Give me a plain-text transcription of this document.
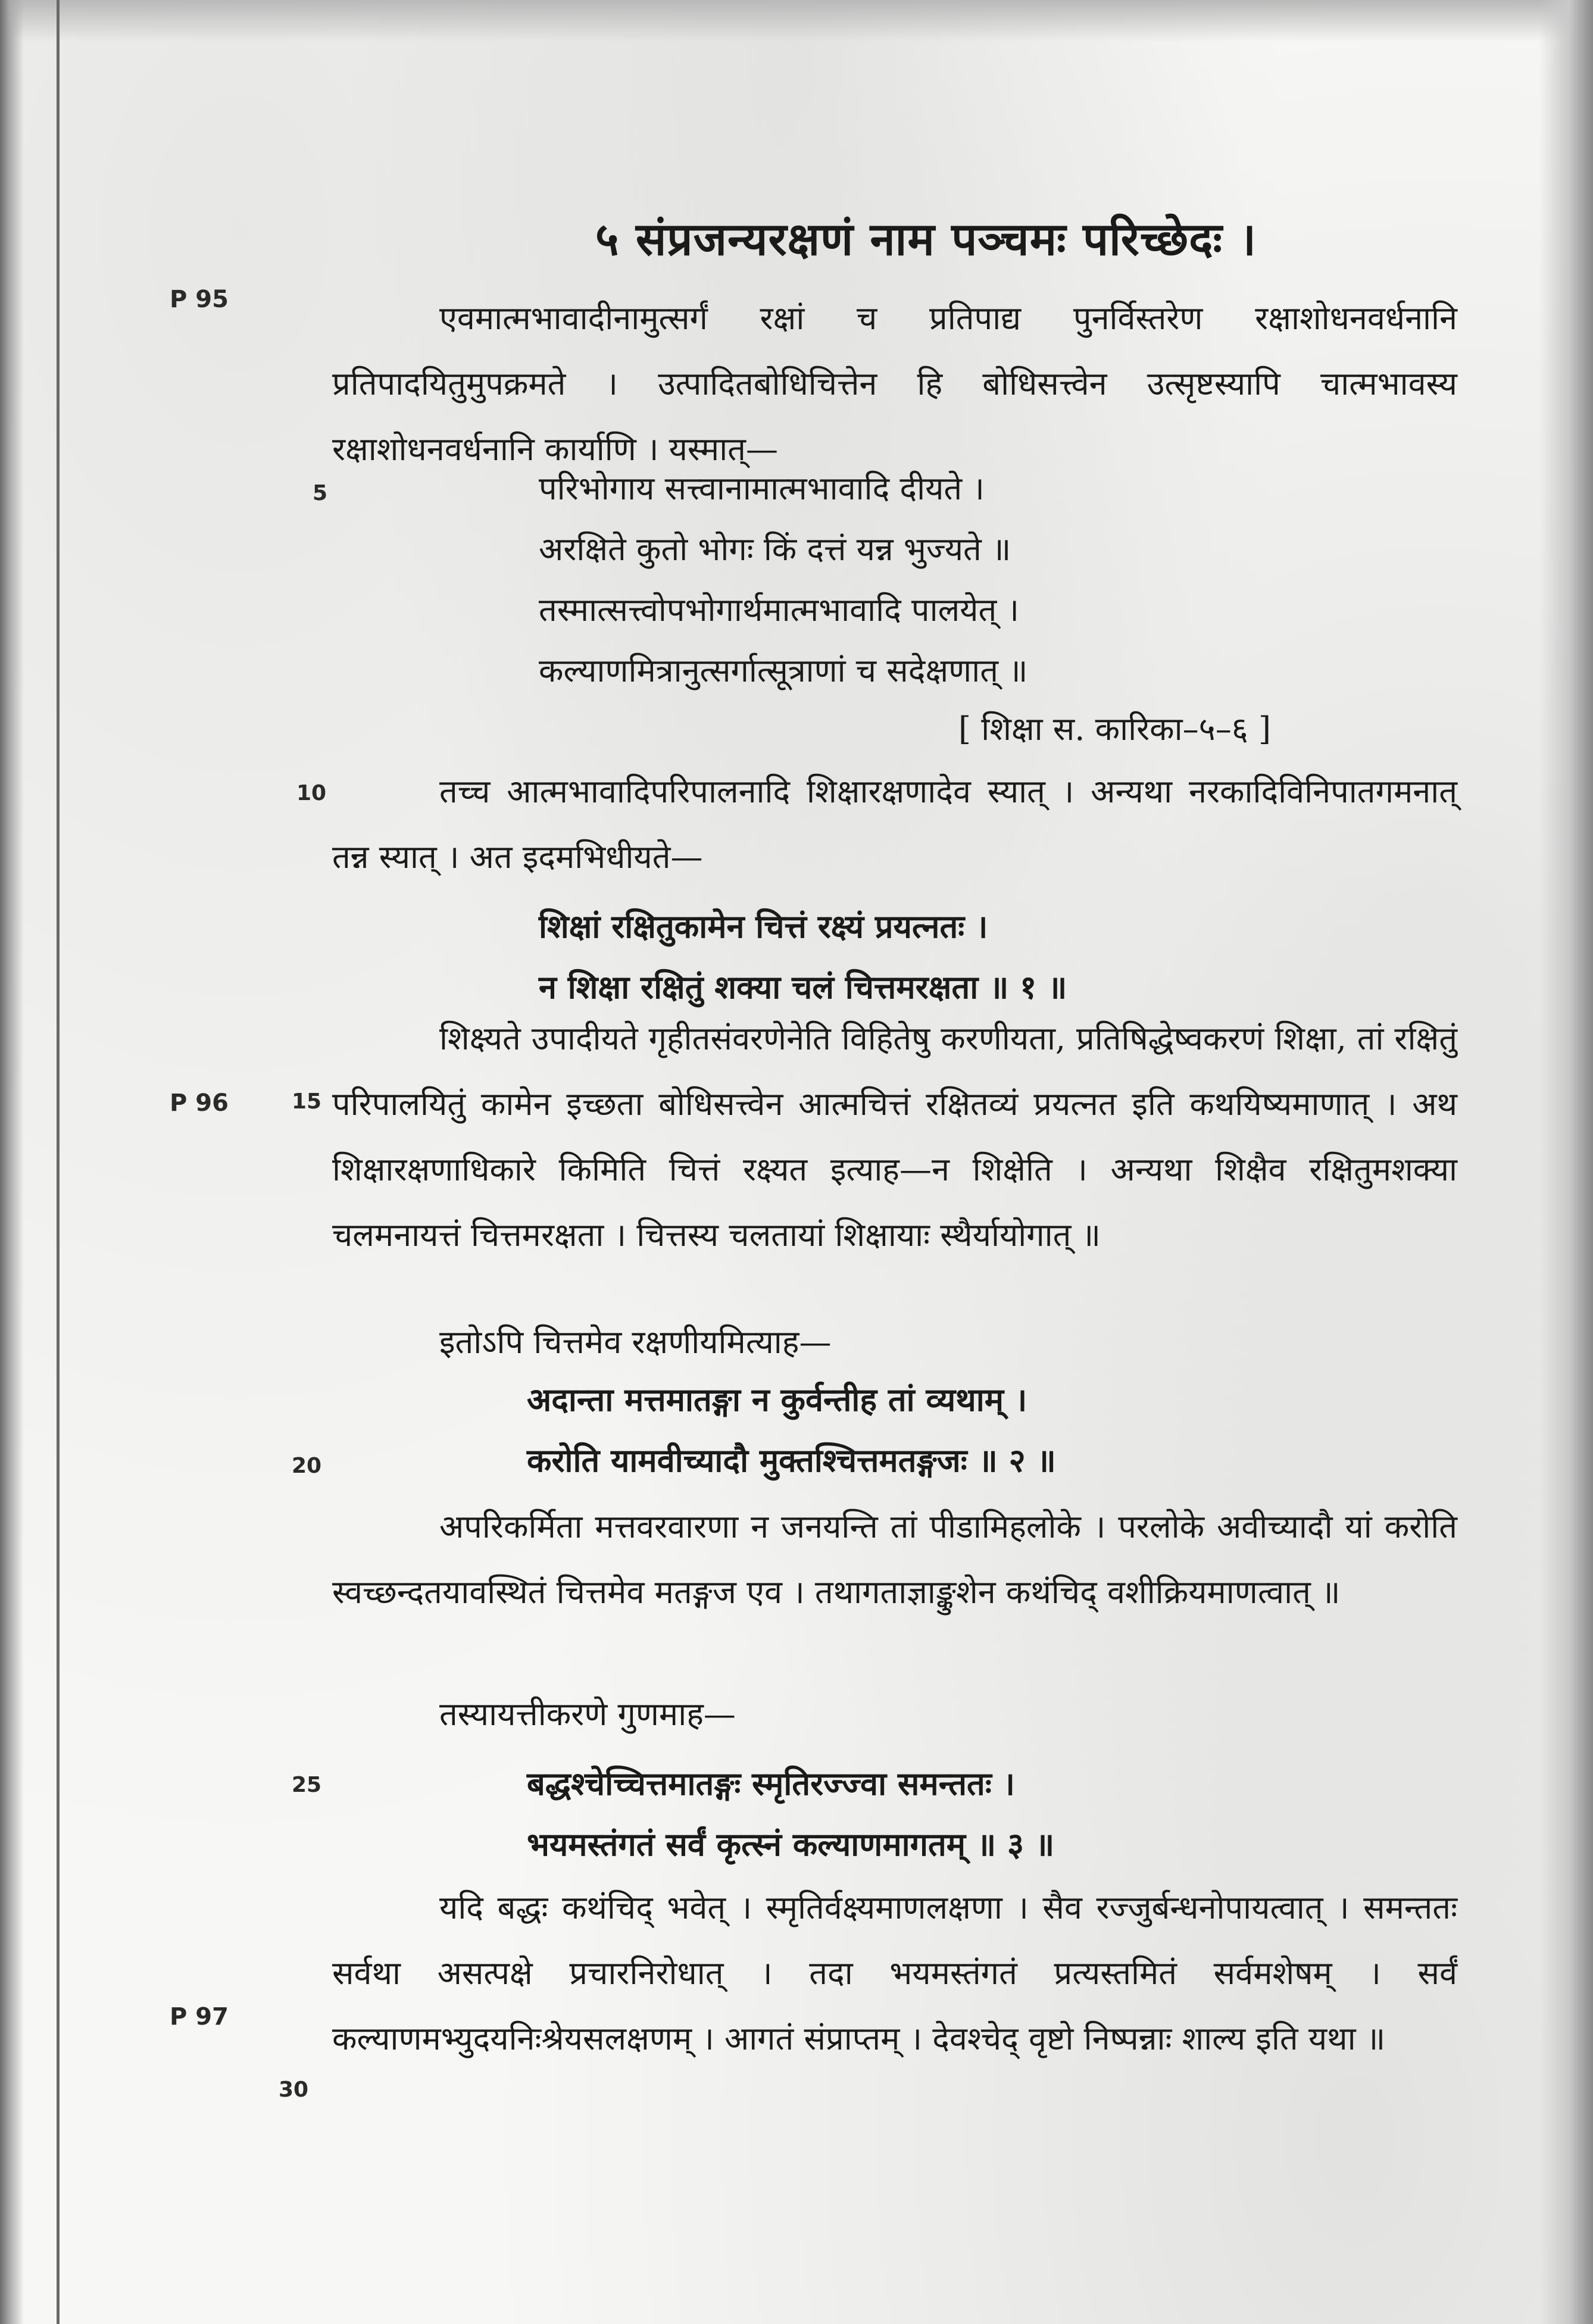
५ संप्रजन्यरक्षणं नाम पञ्चमः परिच्छेदः ।
P 95
P 96
P 97
5
10
15
20
25
30
एवमात्मभावादीनामुत्सर्गं रक्षां च प्रतिपाद्य पुनर्विस्तरेण रक्षाशोधनवर्धनानि प्रतिपादयितुमुपक्रमते । उत्पादितबोधिचित्तेन हि बोधिसत्त्वेन उत्सृष्टस्यापि चात्मभावस्य रक्षाशोधनवर्धनानि कार्याणि । यस्मात्—
परिभोगाय सत्त्वानामात्मभावादि दीयते ।
अरक्षिते कुतो भोगः किं दत्तं यन्न भुज्यते ॥
तस्मात्सत्त्वोपभोगार्थमात्मभावादि पालयेत् ।
कल्याणमित्रानुत्सर्गात्सूत्राणां च सदेक्षणात् ॥
[ शिक्षा स. कारिका–५–६ ]
तच्च आत्मभावादिपरिपालनादि शिक्षारक्षणादेव स्यात् । अन्यथा नरकादिविनिपातगमनात् तन्न स्यात् । अत इदमभिधीयते—
शिक्षां रक्षितुकामेन चित्तं रक्ष्यं प्रयत्नतः ।
न शिक्षा रक्षितुं शक्या चलं चित्तमरक्षता ॥ १ ॥
शिक्ष्यते उपादीयते गृहीतसंवरणेनेति विहितेषु करणीयता, प्रतिषिद्धेष्वकरणं शिक्षा, तां रक्षितुं परिपालयितुं कामेन इच्छता बोधिसत्त्वेन आत्मचित्तं रक्षितव्यं प्रयत्नत इति कथयिष्यमाणात् । अथ शिक्षारक्षणाधिकारे किमिति चित्तं रक्ष्यत इत्याह—न शिक्षेति । अन्यथा शिक्षैव रक्षितुमशक्या चलमनायत्तं चित्तमरक्षता । चित्तस्य चलतायां शिक्षायाः स्थैर्यायोगात् ॥
इतोऽपि चित्तमेव रक्षणीयमित्याह—
अदान्ता मत्तमातङ्गा न कुर्वन्तीह तां व्यथाम् ।
करोति यामवीच्यादौ मुक्तश्चित्तमतङ्गजः ॥ २ ॥
अपरिकर्मिता मत्तवरवारणा न जनयन्ति तां पीडामिहलोके । परलोके अवीच्यादौ यां करोति स्वच्छन्दतयावस्थितं चित्तमेव मतङ्गज एव । तथागताज्ञाङ्कुशेन कथंचिद् वशीक्रियमाणत्वात् ॥
तस्यायत्तीकरणे गुणमाह—
बद्धश्चेच्चित्तमातङ्गः स्मृतिरज्ज्वा समन्ततः ।
भयमस्तंगतं सर्वं कृत्स्नं कल्याणमागतम् ॥ ३ ॥
यदि बद्धः कथंचिद् भवेत् । स्मृतिर्वक्ष्यमाणलक्षणा । सैव रज्जुर्बन्धनोपायत्वात् । समन्ततः सर्वथा असत्पक्षे प्रचारनिरोधात् । तदा भयमस्तंगतं प्रत्यस्तमितं सर्वमशेषम् । सर्वं कल्याणमभ्युदयनिःश्रेयसलक्षणम् । आगतं संप्राप्तम् । देवश्चेद् वृष्टो निष्पन्नाः शाल्य इति यथा ॥
